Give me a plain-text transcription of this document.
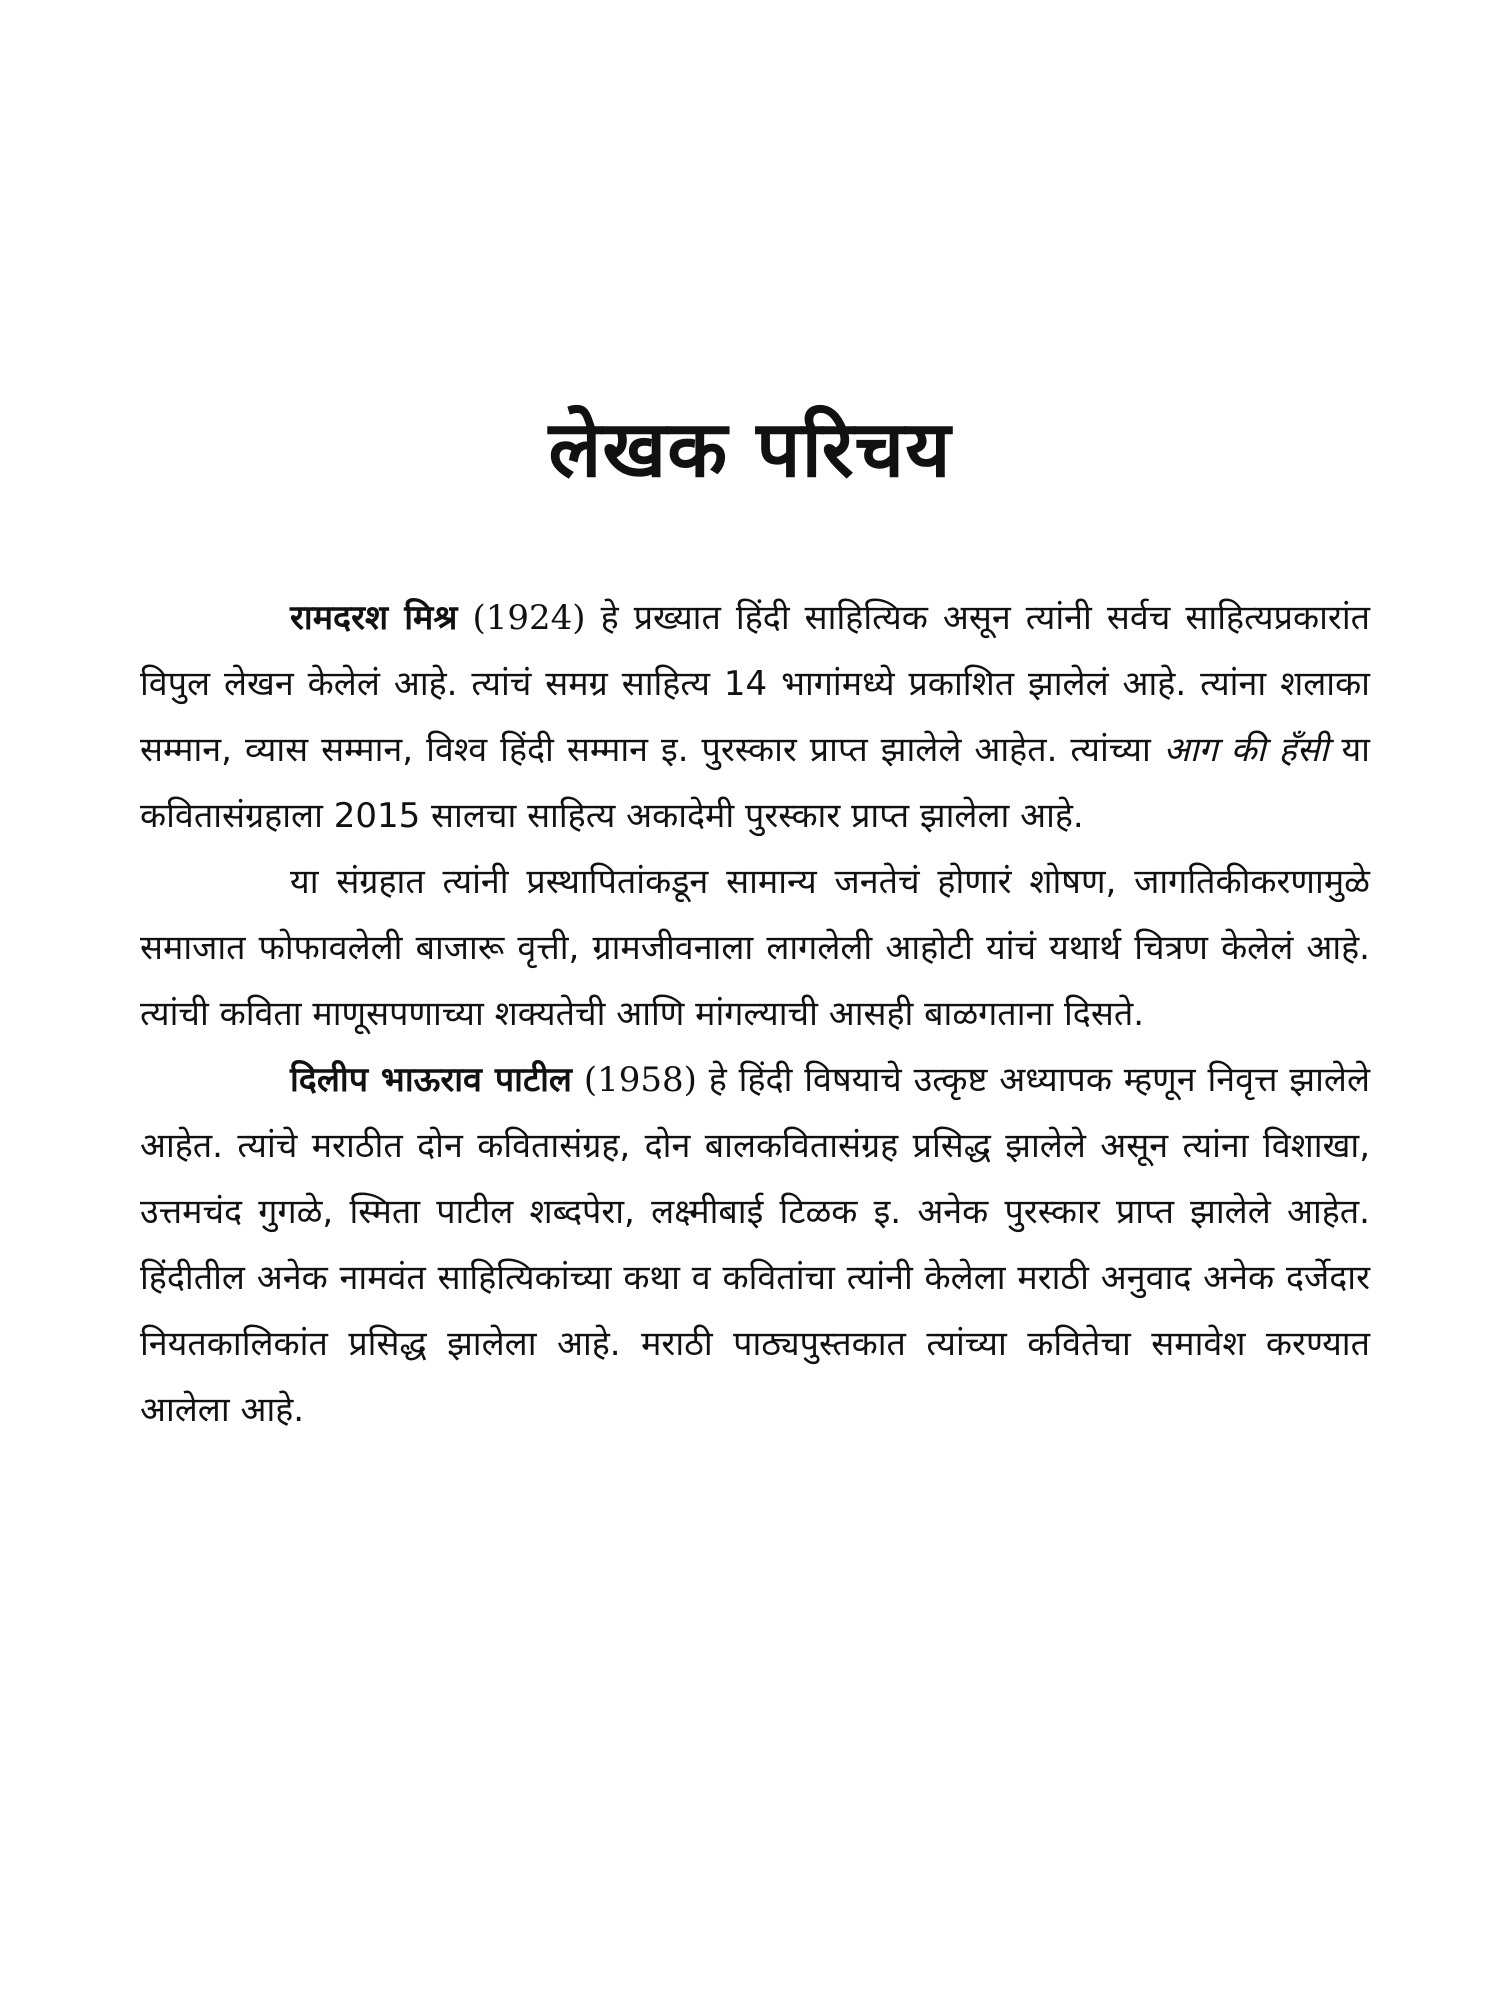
लेखक परिचय

रामदरश मिश्र (1924) हे प्रख्यात हिंदी साहित्यिक असून त्यांनी सर्वच साहित्यप्रकारांत विपुल लेखन केलेलं आहे. त्यांचं समग्र साहित्य 14 भागांमध्ये प्रकाशित झालेलं आहे. त्यांना शलाका सम्मान, व्यास सम्मान, विश्व हिंदी सम्मान इ. पुरस्कार प्राप्त झालेले आहेत. त्यांच्या आग की हँसी या कवितासंग्रहाला 2015 सालचा साहित्य अकादेमी पुरस्कार प्राप्त झालेला आहे.

या संग्रहात त्यांनी प्रस्थापितांकडून सामान्य जनतेचं होणारं शोषण, जागतिकीकरणामुळे समाजात फोफावलेली बाजारू वृत्ती, ग्रामजीवनाला लागलेली आहोटी यांचं यथार्थ चित्रण केलेलं आहे. त्यांची कविता माणूसपणाच्या शक्यतेची आणि मांगल्याची आसही बाळगताना दिसते.

दिलीप भाऊराव पाटील (1958) हे हिंदी विषयाचे उत्कृष्ट अध्यापक म्हणून निवृत्त झालेले आहेत. त्यांचे मराठीत दोन कवितासंग्रह, दोन बालकवितासंग्रह प्रसिद्ध झालेले असून त्यांना विशाखा, उत्तमचंद गुगळे, स्मिता पाटील शब्दपेरा, लक्ष्मीबाई टिळक इ. अनेक पुरस्कार प्राप्त झालेले आहेत. हिंदीतील अनेक नामवंत साहित्यिकांच्या कथा व कवितांचा त्यांनी केलेला मराठी अनुवाद अनेक दर्जेदार नियतकालिकांत प्रसिद्ध झालेला आहे. मराठी पाठ्यपुस्तकात त्यांच्या कवितेचा समावेश करण्यात आलेला आहे.
